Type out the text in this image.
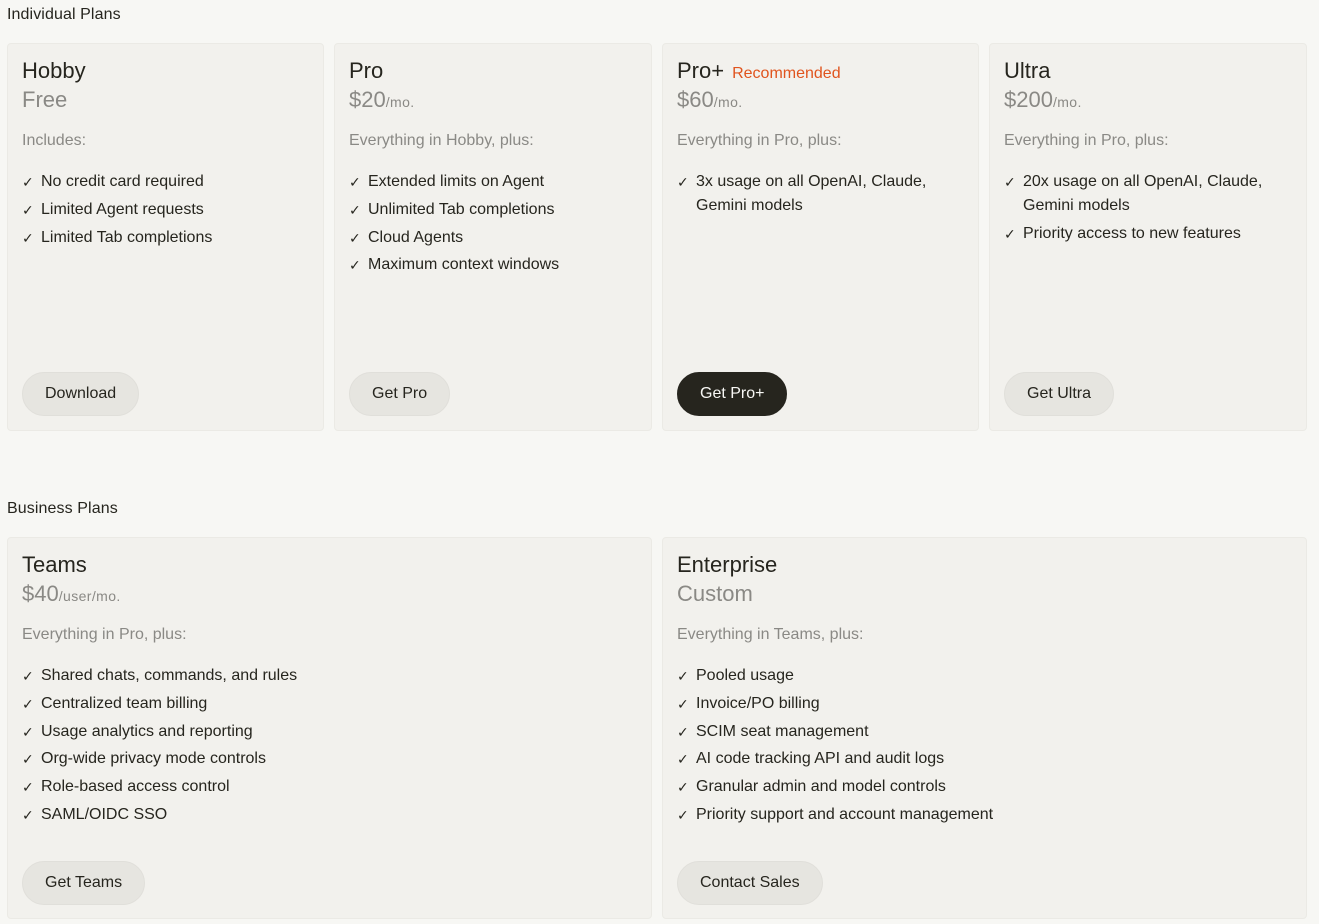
Individual Plans
Hobby
Free
Includes:
✓ No credit card required
✓ Limited Agent requests
✓ Limited Tab completions
Download
Pro
$20/mo.
Everything in Hobby, plus:
✓ Extended limits on Agent
✓ Unlimited Tab completions
✓ Cloud Agents
✓ Maximum context windows
Get Pro
Pro+ Recommended
$60/mo.
Everything in Pro, plus:
✓ 3x usage on all OpenAI, Claude, Gemini models
Get Pro+
Ultra
$200/mo.
Everything in Pro, plus:
✓ 20x usage on all OpenAI, Claude, Gemini models
✓ Priority access to new features
Get Ultra
Business Plans
Teams
$40/user/mo.
Everything in Pro, plus:
✓ Shared chats, commands, and rules
✓ Centralized team billing
✓ Usage analytics and reporting
✓ Org-wide privacy mode controls
✓ Role-based access control
✓ SAML/OIDC SSO
Get Teams
Enterprise
Custom
Everything in Teams, plus:
✓ Pooled usage
✓ Invoice/PO billing
✓ SCIM seat management
✓ AI code tracking API and audit logs
✓ Granular admin and model controls
✓ Priority support and account management
Contact Sales
